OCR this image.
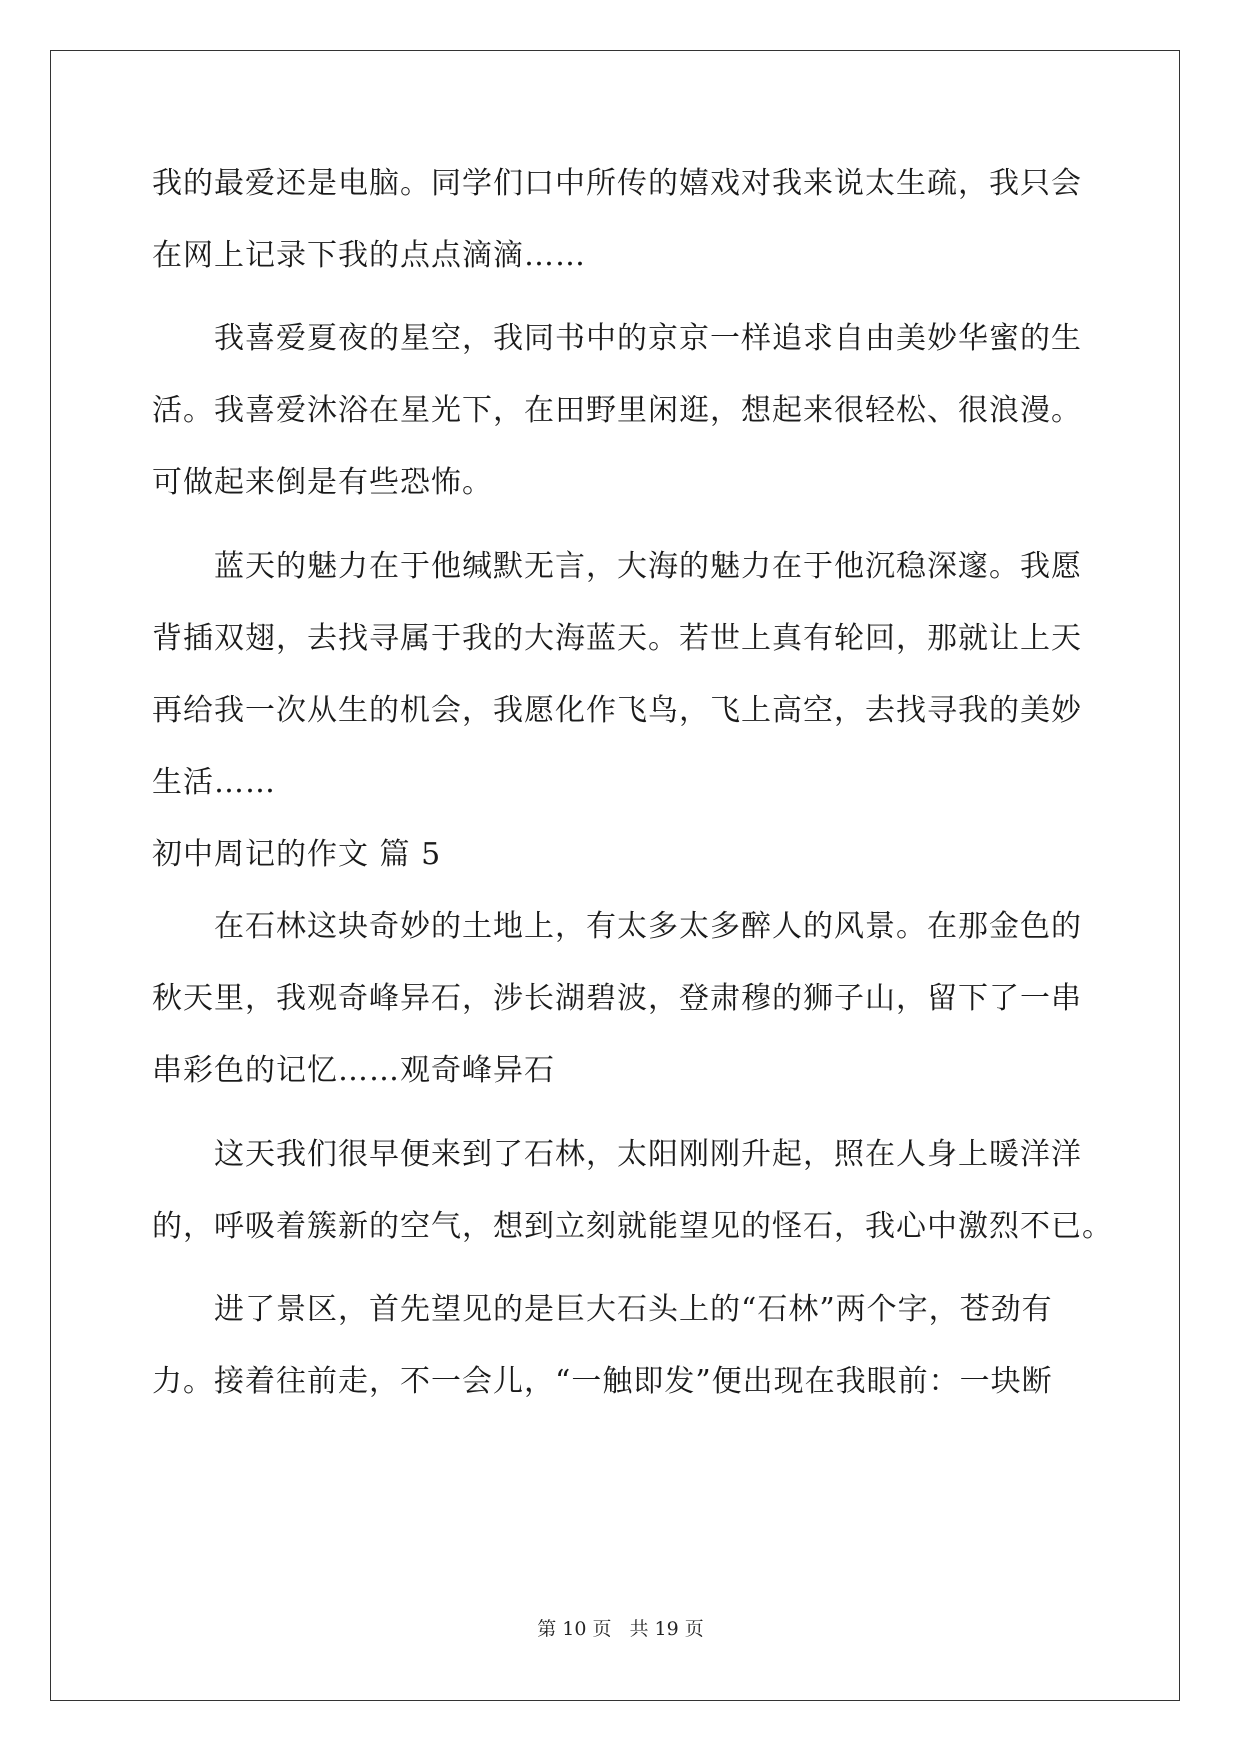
我的最爱还是电脑。同学们口中所传的嬉戏对我来说太生疏，我只会
在网上记录下我的点点滴滴……
我喜爱夏夜的星空，我同书中的京京一样追求自由美妙华蜜的生
活。我喜爱沐浴在星光下，在田野里闲逛，想起来很轻松、很浪漫。
可做起来倒是有些恐怖。
蓝天的魅力在于他缄默无言，大海的魅力在于他沉稳深邃。我愿
背插双翅，去找寻属于我的大海蓝天。若世上真有轮回，那就让上天
再给我一次从生的机会，我愿化作飞鸟，飞上高空，去找寻我的美妙
生活……
初中周记的作文 篇 5
在石林这块奇妙的土地上，有太多太多醉人的风景。在那金色的
秋天里，我观奇峰异石，涉长湖碧波，登肃穆的狮子山，留下了一串
串彩色的记忆……观奇峰异石
这天我们很早便来到了石林，太阳刚刚升起，照在人身上暖洋洋
的，呼吸着簇新的空气，想到立刻就能望见的怪石，我心中激烈不已。
进了景区，首先望见的是巨大石头上的“石林”两个字，苍劲有
力。接着往前走，不一会儿，“一触即发”便出现在我眼前：一块断
第 10 页 共 19 页
